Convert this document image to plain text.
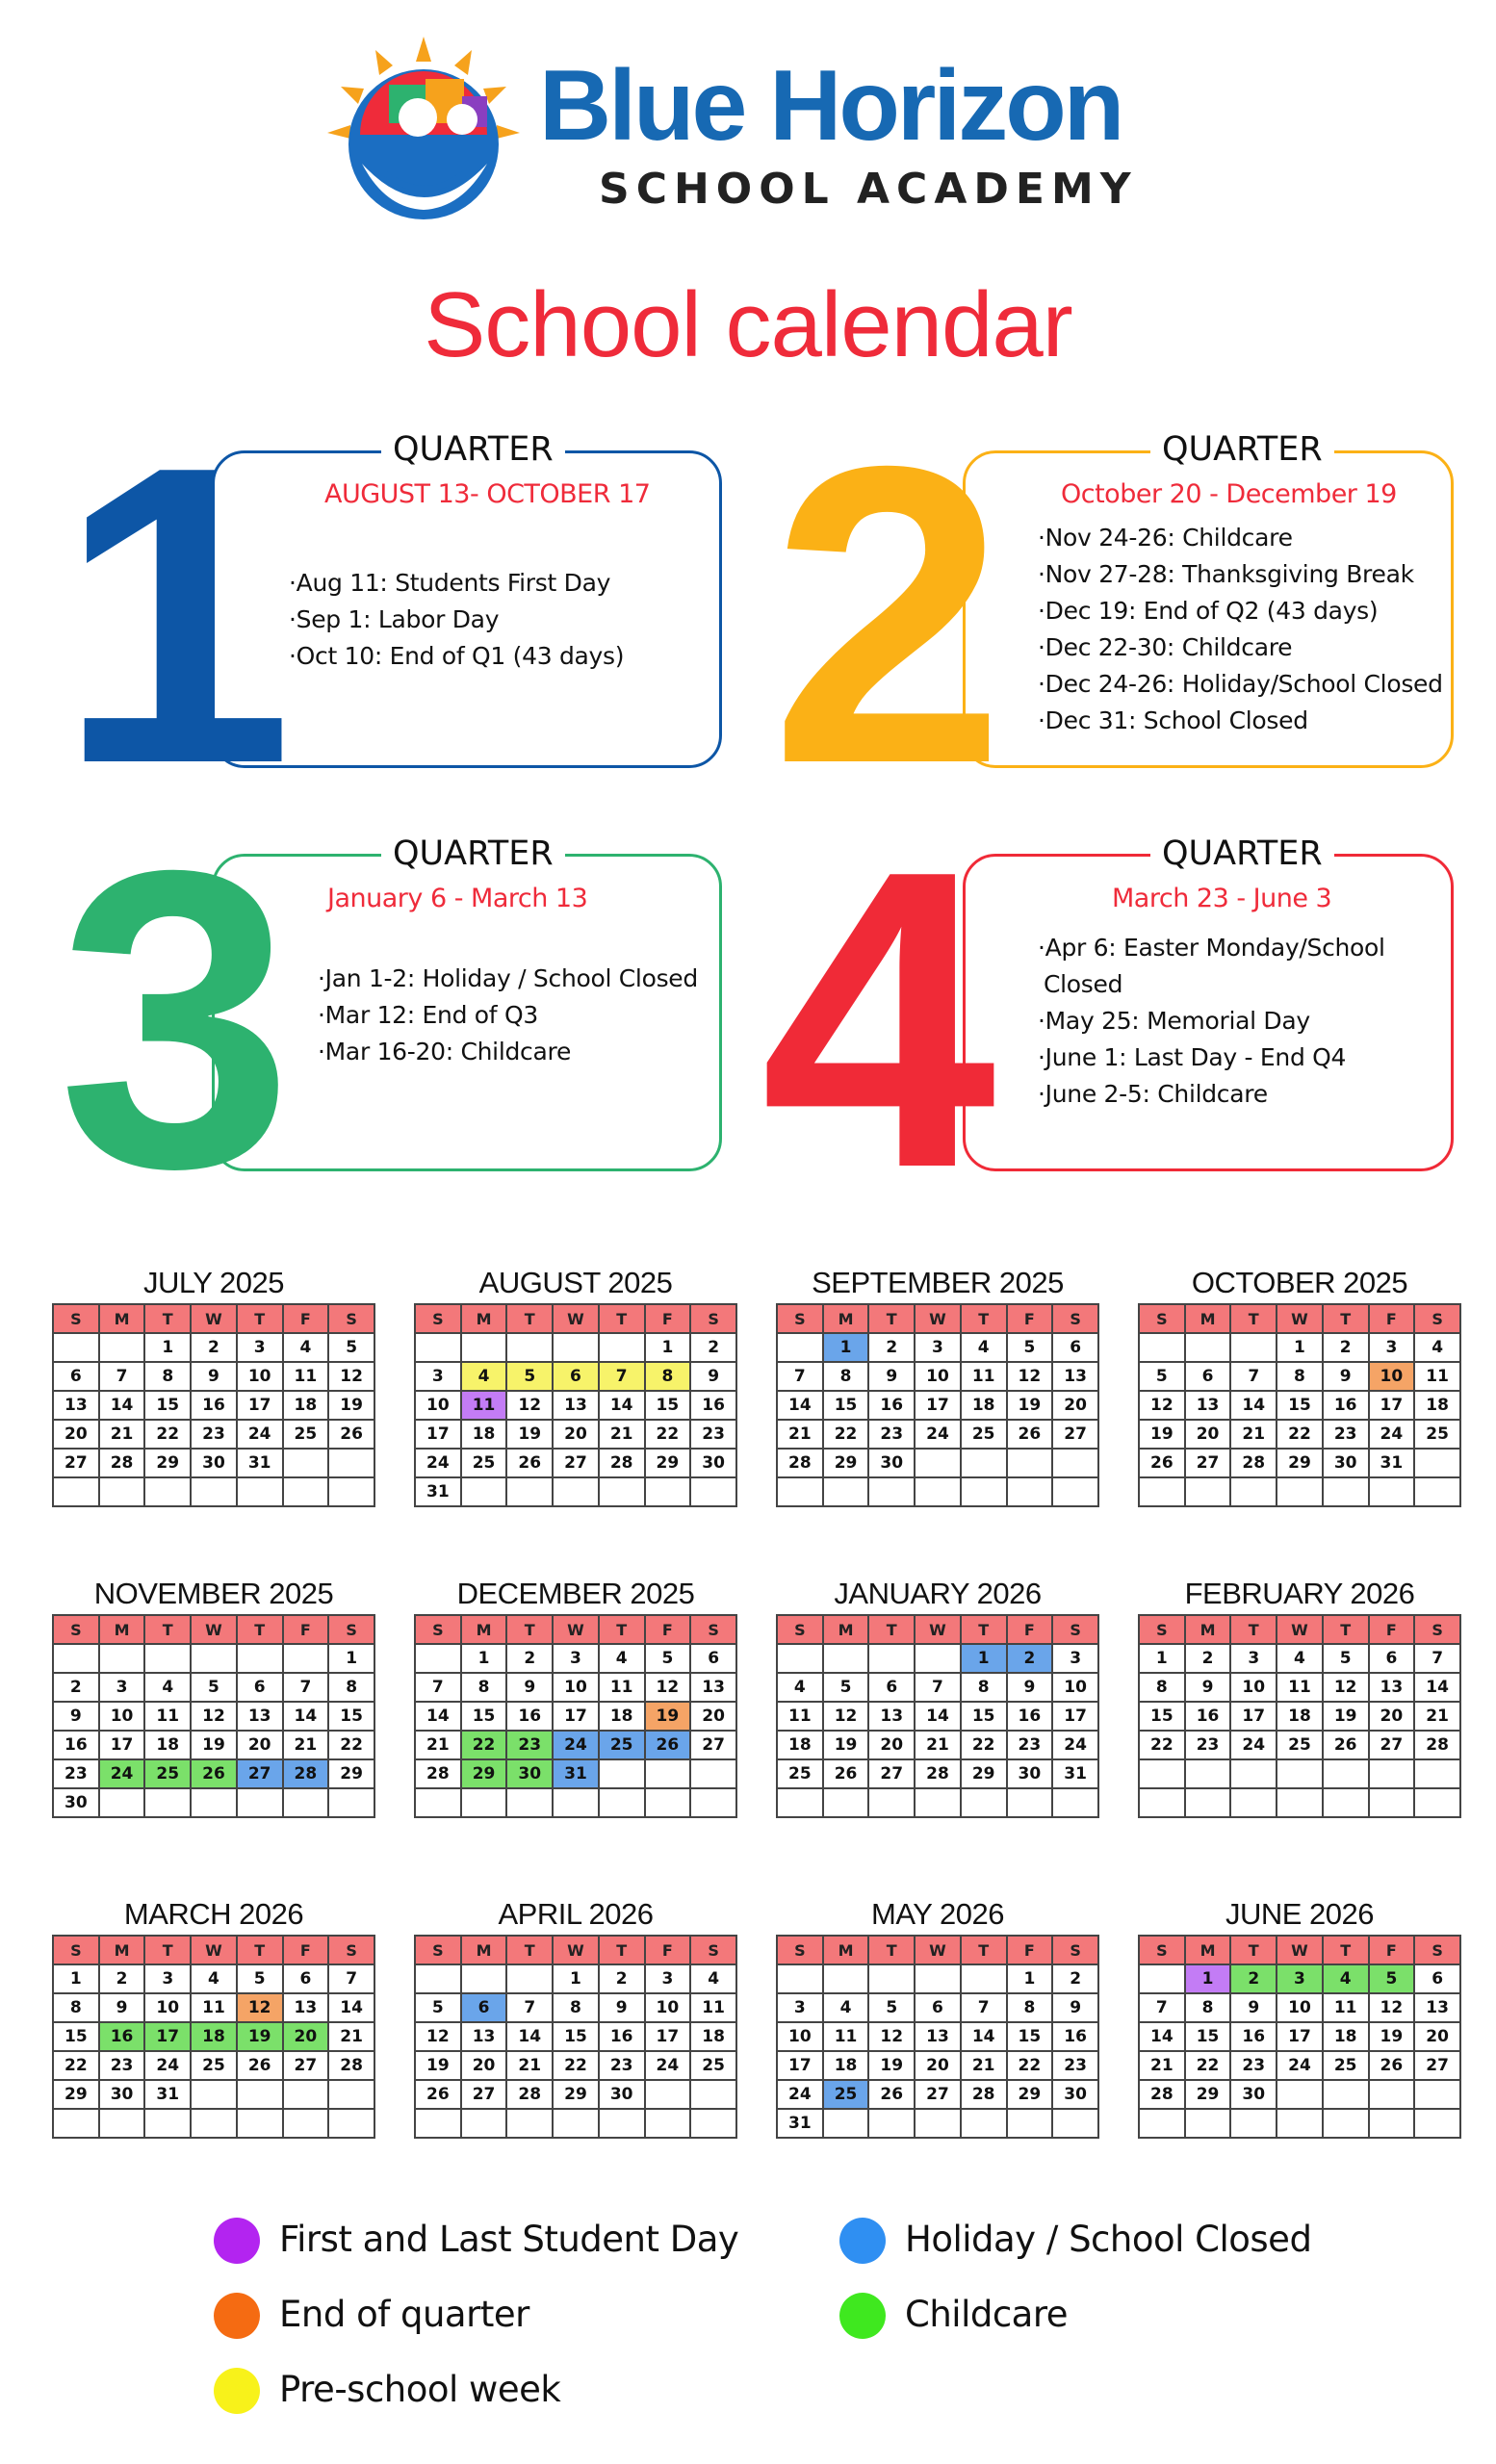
Blue Horizon
SCHOOL ACADEMY
School calendar
1	QUARTER
AUGUST 13- OCTOBER 17
· Aug 11: Students First Day
· Sep 1: Labor Day
· Oct 10: End of Q1 (43 days) 2	QUARTER
October 20 - December 19
· Nov 24-26: Childcare
· Nov 27-28: Thanksgiving Break
· Dec 19: End of Q2 (43 days)
· Dec 22-30: Childcare
· Dec 24-26: Holiday/School Closed
· Dec 31: School Closed
3	QUARTER
January 6 - March 13
· Jan 1-2: Holiday / School Closed
· Mar 12: End of Q3
· Mar 16-20: Childcare 4	QUARTER
March 23 - June 3
· Apr 6: Easter Monday/School
Closed
· May 25: Memorial Day
· June 1: Last Day - End Q4
· June 2-5: Childcare
JULY 2025
S	M	T	W	T	F	S
		1	2	3	4	5
6	7	8	9	10	11	12
13	14	15	16	17	18	19
20	21	22	23	24	25	26
27	28	29	30	31		

AUGUST 2025
S	M	T	W	T	F	S
					1	2
3	4	5	6	7	8	9
10	11	12	13	14	15	16
17	18	19	20	21	22	23
24	25	26	27	28	29	30
31						
SEPTEMBER 2025
S	M	T	W	T	F	S
	1	2	3	4	5	6
7	8	9	10	11	12	13
14	15	16	17	18	19	20
21	22	23	24	25	26	27
28	29	30				

OCTOBER 2025
S	M	T	W	T	F	S
			1	2	3	4
5	6	7	8	9	10	11
12	13	14	15	16	17	18
19	20	21	22	23	24	25
26	27	28	29	30	31	

NOVEMBER 2025
S	M	T	W	T	F	S
						1
2	3	4	5	6	7	8
9	10	11	12	13	14	15
16	17	18	19	20	21	22
23	24	25	26	27	28	29
30						
DECEMBER 2025
S	M	T	W	T	F	S
	1	2	3	4	5	6
7	8	9	10	11	12	13
14	15	16	17	18	19	20
21	22	23	24	25	26	27
28	29	30	31			

JANUARY 2026
S	M	T	W	T	F	S
				1	2	3
4	5	6	7	8	9	10
11	12	13	14	15	16	17
18	19	20	21	22	23	24
25	26	27	28	29	30	31

FEBRUARY 2026
S	M	T	W	T	F	S
1	2	3	4	5	6	7
8	9	10	11	12	13	14
15	16	17	18	19	20	21
22	23	24	25	26	27	28

MARCH 2026
S	M	T	W	T	F	S
1	2	3	4	5	6	7
8	9	10	11	12	13	14
15	16	17	18	19	20	21
22	23	24	25	26	27	28
29	30	31				

APRIL 2026
S	M	T	W	T	F	S
			1	2	3	4
5	6	7	8	9	10	11
12	13	14	15	16	17	18
19	20	21	22	23	24	25
26	27	28	29	30		

MAY 2026
S	M	T	W	T	F	S
					1	2
3	4	5	6	7	8	9
10	11	12	13	14	15	16
17	18	19	20	21	22	23
24	25	26	27	28	29	30
31						
JUNE 2026
S	M	T	W	T	F	S
	1	2	3	4	5	6
7	8	9	10	11	12	13
14	15	16	17	18	19	20
21	22	23	24	25	26	27
28	29	30				

First and Last Student Day	Holiday / School Closed
End of quarter	Childcare
Pre-school week
